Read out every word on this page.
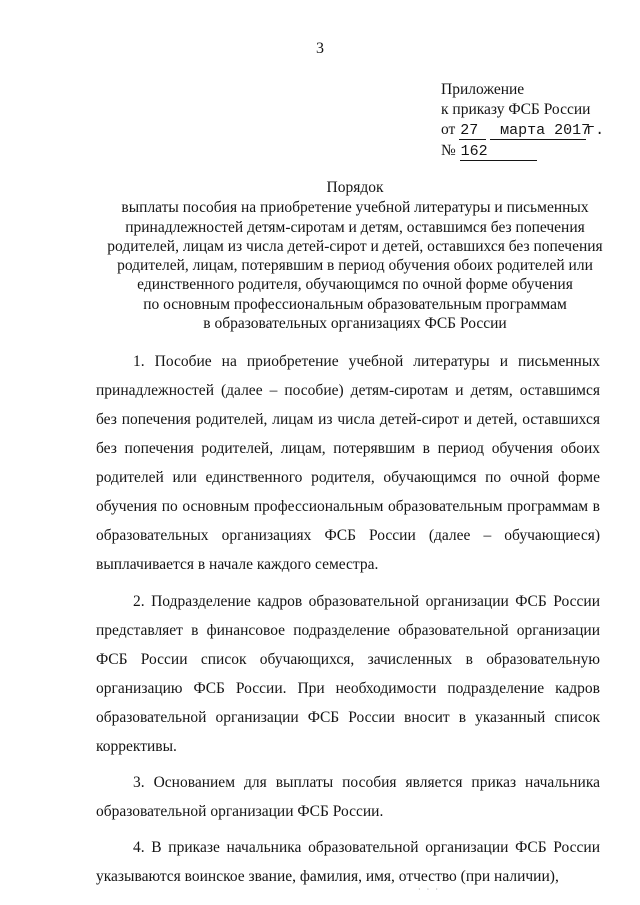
3
Приложение
к приказу ФСБ России
от 27 марта 2017г.
№ 162
Порядок
выплаты пособия на приобретение учебной литературы и письменных
принадлежностей детям-сиротам и детям, оставшимся без попечения
родителей, лицам из числа детей-сирот и детей, оставшихся без попечения
родителей, лицам, потерявшим в период обучения обоих родителей или
единственного родителя, обучающимся по очной форме обучения
по основным профессиональным образовательным программам
в образовательных организациях ФСБ России

1. Пособие на приобретение учебной литературы и письменных принадлежностей (далее – пособие) детям-сиротам и детям, оставшимся без попечения родителей, лицам из числа детей-сирот и детей, оставшихся без попечения родителей, лицам, потерявшим в период обучения обоих родителей или единственного родителя, обучающимся по очной форме обучения по основным профессиональным образовательным программам в образовательных организациях ФСБ России (далее – обучающиеся) выплачивается в начале каждого семестра.

2. Подразделение кадров образовательной организации ФСБ России представляет в финансовое подразделение образовательной организации ФСБ России список обучающихся, зачисленных в образовательную организацию ФСБ России. При необходимости подразделение кадров образовательной организации ФСБ России вносит в указанный список коррективы.

3. Основанием для выплаты пособия является приказ начальника образовательной организации ФСБ России.

4. В приказе начальника образовательной организации ФСБ России указываются воинское звание, фамилия, имя, отчество (при наличии),

· · ·
